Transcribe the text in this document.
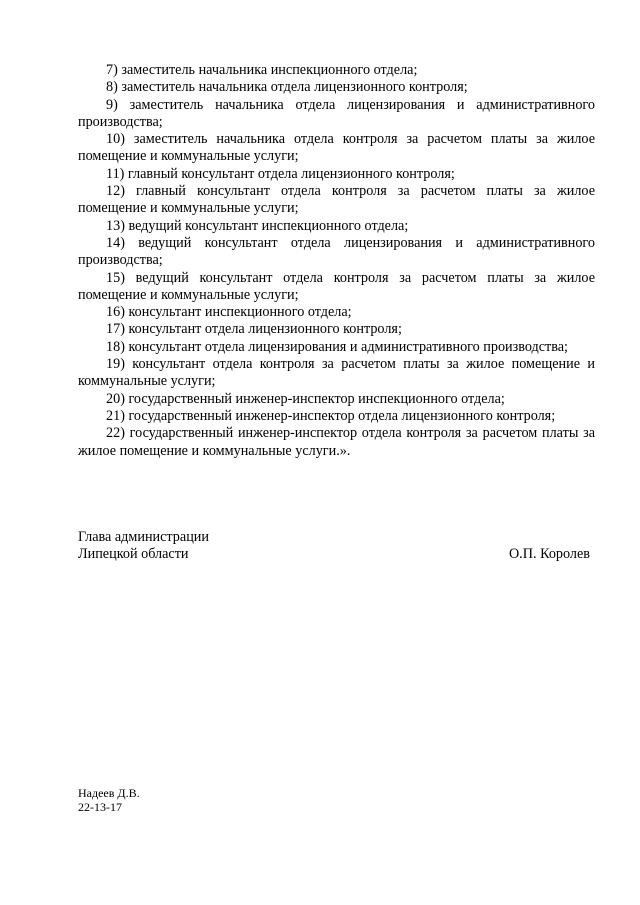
7) заместитель начальника инспекционного отдела;

8) заместитель начальника отдела лицензионного контроля;

9) заместитель начальника отдела лицензирования и административного производства;

10) заместитель начальника отдела контроля за расчетом платы за жилое помещение и коммунальные услуги;

11) главный консультант отдела лицензионного контроля;

12) главный консультант отдела контроля за расчетом платы за жилое помещение и коммунальные услуги;

13) ведущий консультант инспекционного отдела;

14) ведущий консультант отдела лицензирования и административного производства;

15) ведущий консультант отдела контроля за расчетом платы за жилое помещение и коммунальные услуги;

16) консультант инспекционного отдела;

17) консультант отдела лицензионного контроля;

18) консультант отдела лицензирования и административного производства;

19) консультант отдела контроля за расчетом платы за жилое помещение и коммунальные услуги;

20) государственный инженер-инспектор инспекционного отдела;

21) государственный инженер-инспектор отдела лицензионного контроля;

22) государственный инженер-инспектор отдела контроля за расчетом платы за жилое помещение и коммунальные услуги.».

Глава администрации
Липецкой области	О.П. Королев
Надеев Д.В.
22-13-17
